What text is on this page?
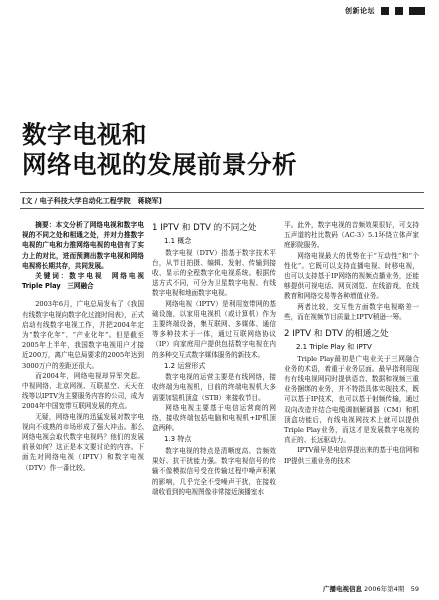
创新论坛
数字电视和
网络电视的发展前景分析
[文 / 电子科技大学自动化工程学院　蒋晓军]

摘要：本文分析了网络电视和数字电视的不同之处和相通之处，并对力推数字电视的广电和力推网络电视的电信有了实力上的对比，进而预测出数字电视和网络电视将长期共存，共同发展。

关键词：数字电视　网络电视　Triple Play　三网融合

2003年6月，广电总局发布了《我国有线数字电视向数字化过渡时间表》，正式启动有线数字电视工作，并把2004年定为“数字化年”、“产业化年”。但是截至2005年上半年，我国数字电视用户才接近200万，离广电总局要求的2005年达到3000万户的差距还很大。

而2004年，网络电视却异军突起。中视网络、北京网视、互联星空、天天在线等以IPTV为主要服务内容的公司，成为2004年中国宽带互联网发展的亮点。

无疑，网络电视的迅猛发展对数字电视向不成熟的市场形成了强大冲击。那么网络电视会取代数字电视吗？他们的发展前景如何？这正是本文要讨论的内容。下面先对网络电视（IPTV）和数字电视（DTV）作一番比较。

1 IPTV 和 DTV 的不同之处

1.1 概念

数字电视（DTV）指基于数字技术平台，从节目拍摄、编辑、发射、传输到接收、显示的全程数字化电视系统。根据传送方式不同，可分为卫星数字电视、有线数字电视和地面数字电视。

网络电视（IPTV）是利用宽带网的基础设施，以家用电视机（或计算机）作为主要终端设备，集互联网、多媒体、通信等多种技术于一体，通过互联网络协议（IP）向家庭用户提供包括数字电视在内的多种交互式数字媒体服务的新技术。

1.2 运营形式

数字电视的运营主要是有线网络，接收终端为电视机，目前的终端电视机大多需要加装机顶盒（STB）来接收节目。

网络电视主要基于电信运营商的网络，接收终端包括电脑和电视机+IP机顶盒两种。

1.3 特点

数字电视的特点是清晰度高、音频效果好、抗干扰能力强。数字电视信号的传输不像模拟信号受在传输过程中噪声积累的影响，几乎完全不受噪声干扰，在接收端收看到的电视图像非常接近演播室水

平。此外，数字电视的音频效果很好，可支持五声道的杜比数码（AC-3）5.1环绕立体声家庭影院服务。

网络电视最大的优势在于“互动性”和“个性化”。它既可以支持直播电视、时移电视，也可以支持基于IP网络的视频点播业务，还能够提供可视电话、网页浏览、在线游戏，在线教育和网络交易等各种增值业务。

两者比较，交互性方面数字电视略差一些，而在视频节目质量上IPTV稍逊一筹。

2 IPTV 和 DTV 的相通之处

2.1 Triple Play 和 IPTV

Triple Play最初是广电业关于三网融合业务的术语，着重于业务层面。最早指利用现有有线电视网同时提供语音、数据和视频三重业务捆绑的业务，并不特指具体实现技术，既可以基于IP技术，也可以基于射频传输，通过双向改造并结合电缆调制解调器（CM）和机顶盒功能后，有线电视网技术上就可以提供Triple Play业务，而这才是发展数字电视的真正的、长远驱动力。

IPTV最早是电信界提出来的基于电信网和IP提供三重业务的技术

广播电视信息 2006年第4期　59
